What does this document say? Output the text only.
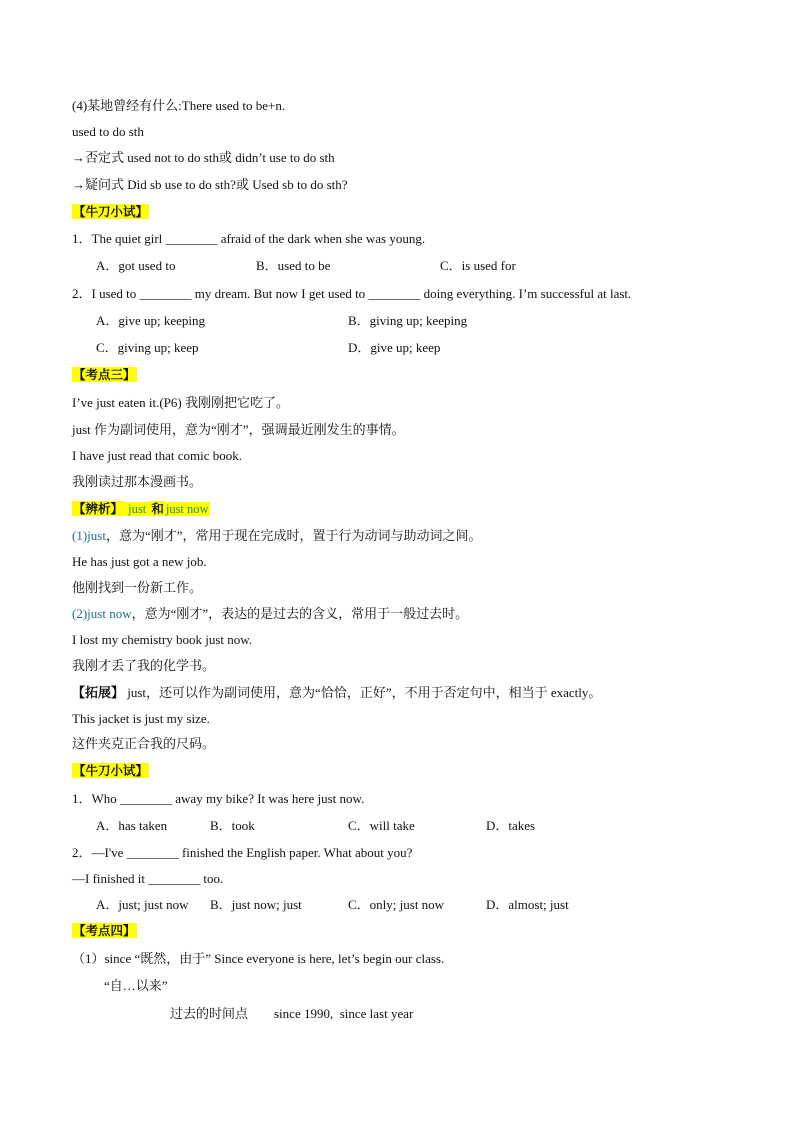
(4)某地曾经有什么:There used to be+n.
used to do sth
→否定式 used not to do sth或 didn’t use to do sth
→疑问式 Did sb use to do sth?或 Used sb to do sth?
【牛刀小试】
1．The quiet girl ________ afraid of the dark when she was young.
A．got used to	B．used to be	C．is used for
2．I used to ________ my dream. But now I get used to ________ doing everything. I’m successful at last.
A．give up; keeping	B．giving up; keeping
C．giving up; keep	D．give up; keep
【考点三】
I’ve just eaten it.(P6) 我刚刚把它吃了。
just 作为副词使用，意为“刚才”，强调最近刚发生的事情。
I have just read that comic book.
我刚读过那本漫画书。
【辨析】 just 和 just now
(1)just，意为“刚才”，常用于现在完成时，置于行为动词与助动词之间。
He has just got a new job.
他刚找到一份新工作。
(2)just now，意为“刚才”，表达的是过去的含义，常用于一般过去时。
I lost my chemistry book just now.
我刚才丢了我的化学书。
【拓展】 just，还可以作为副词使用，意为“恰恰，正好”，不用于否定句中，相当于 exactly。
This jacket is just my size.
这件夹克正合我的尺码。
【牛刀小试】
1．Who ________ away my bike? It was here just now.
A．has taken	B．took	C．will take	D．takes
2．—I've ________ finished the English paper. What about you?
—I finished it ________ too.
A．just; just now B．just now; just	C．only; just now	D．almost; just
【考点四】
（1）since “既然，由于” Since everyone is here, let’s begin our class.
“自…以来”
过去的时间点 since 1990,  since last year
